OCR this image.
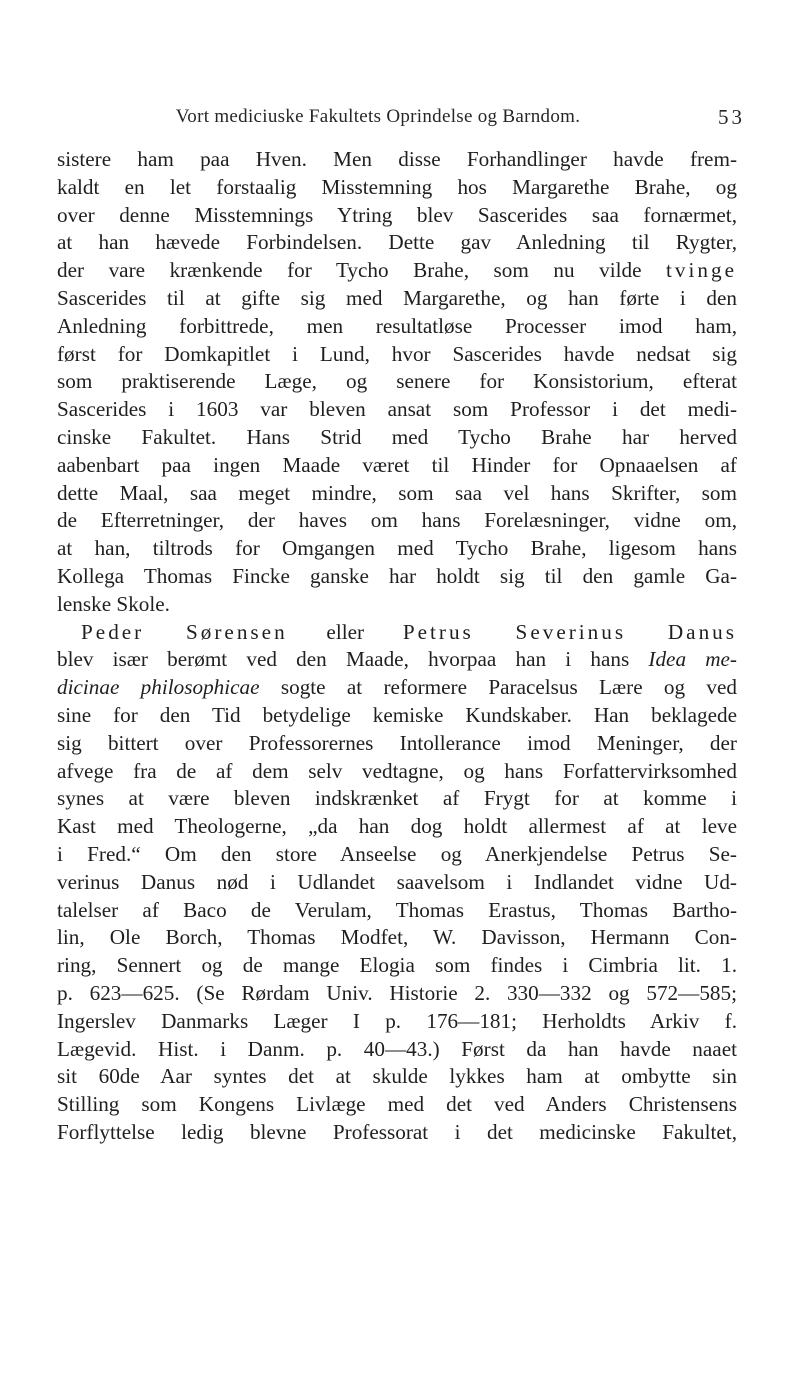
Vort mediciuske Fakultets Oprindelse og Barndom.	53
sistere ham paa Hven. Men disse Forhandlinger havde frem-
kaldt en let forstaalig Misstemning hos Margarethe Brahe, og
over denne Misstemnings Ytring blev Sascerides saa fornærmet,
at han hævede Forbindelsen. Dette gav Anledning til Rygter,
der vare krænkende for Tycho Brahe, som nu vilde tvinge
Sascerides til at gifte sig med Margarethe, og han førte i den
Anledning forbittrede, men resultatløse Processer imod ham,
først for Domkapitlet i Lund, hvor Sascerides havde nedsat sig
som praktiserende Læge, og senere for Konsistorium, efterat
Sascerides i 1603 var bleven ansat som Professor i det medi-
cinske Fakultet. Hans Strid med Tycho Brahe har herved
aabenbart paa ingen Maade været til Hinder for Opnaaelsen af
dette Maal, saa meget mindre, som saa vel hans Skrifter, som
de Efterretninger, der haves om hans Forelæsninger, vidne om,
at han, tiltrods for Omgangen med Tycho Brahe, ligesom hans
Kollega Thomas Fincke ganske har holdt sig til den gamle Ga-
lenske Skole.
Peder Sørensen eller Petrus Severinus Danus
blev især berømt ved den Maade, hvorpaa han i hans Idea me-
dicinae philosophicae sogte at reformere Paracelsus Lære og ved
sine for den Tid betydelige kemiske Kundskaber. Han beklagede
sig bittert over Professorernes Intollerance imod Meninger, der
afvege fra de af dem selv vedtagne, og hans Forfattervirksomhed
synes at være bleven indskrænket af Frygt for at komme i
Kast med Theologerne, „da han dog holdt allermest af at leve
i Fred.“ Om den store Anseelse og Anerkjendelse Petrus Se-
verinus Danus nød i Udlandet saavelsom i Indlandet vidne Ud-
talelser af Baco de Verulam, Thomas Erastus, Thomas Bartho-
lin, Ole Borch, Thomas Modfet, W. Davisson, Hermann Con-
ring, Sennert og de mange Elogia som findes i Cimbria lit. 1.
p. 623—625. (Se Rørdam Univ. Historie 2. 330—332 og 572—585;
Ingerslev Danmarks Læger I p. 176—181; Herholdts Arkiv f.
Lægevid. Hist. i Danm. p. 40—43.) Først da han havde naaet
sit 60de Aar syntes det at skulde lykkes ham at ombytte sin
Stilling som Kongens Livlæge med det ved Anders Christensens
Forflyttelse ledig blevne Professorat i det medicinske Fakultet,
